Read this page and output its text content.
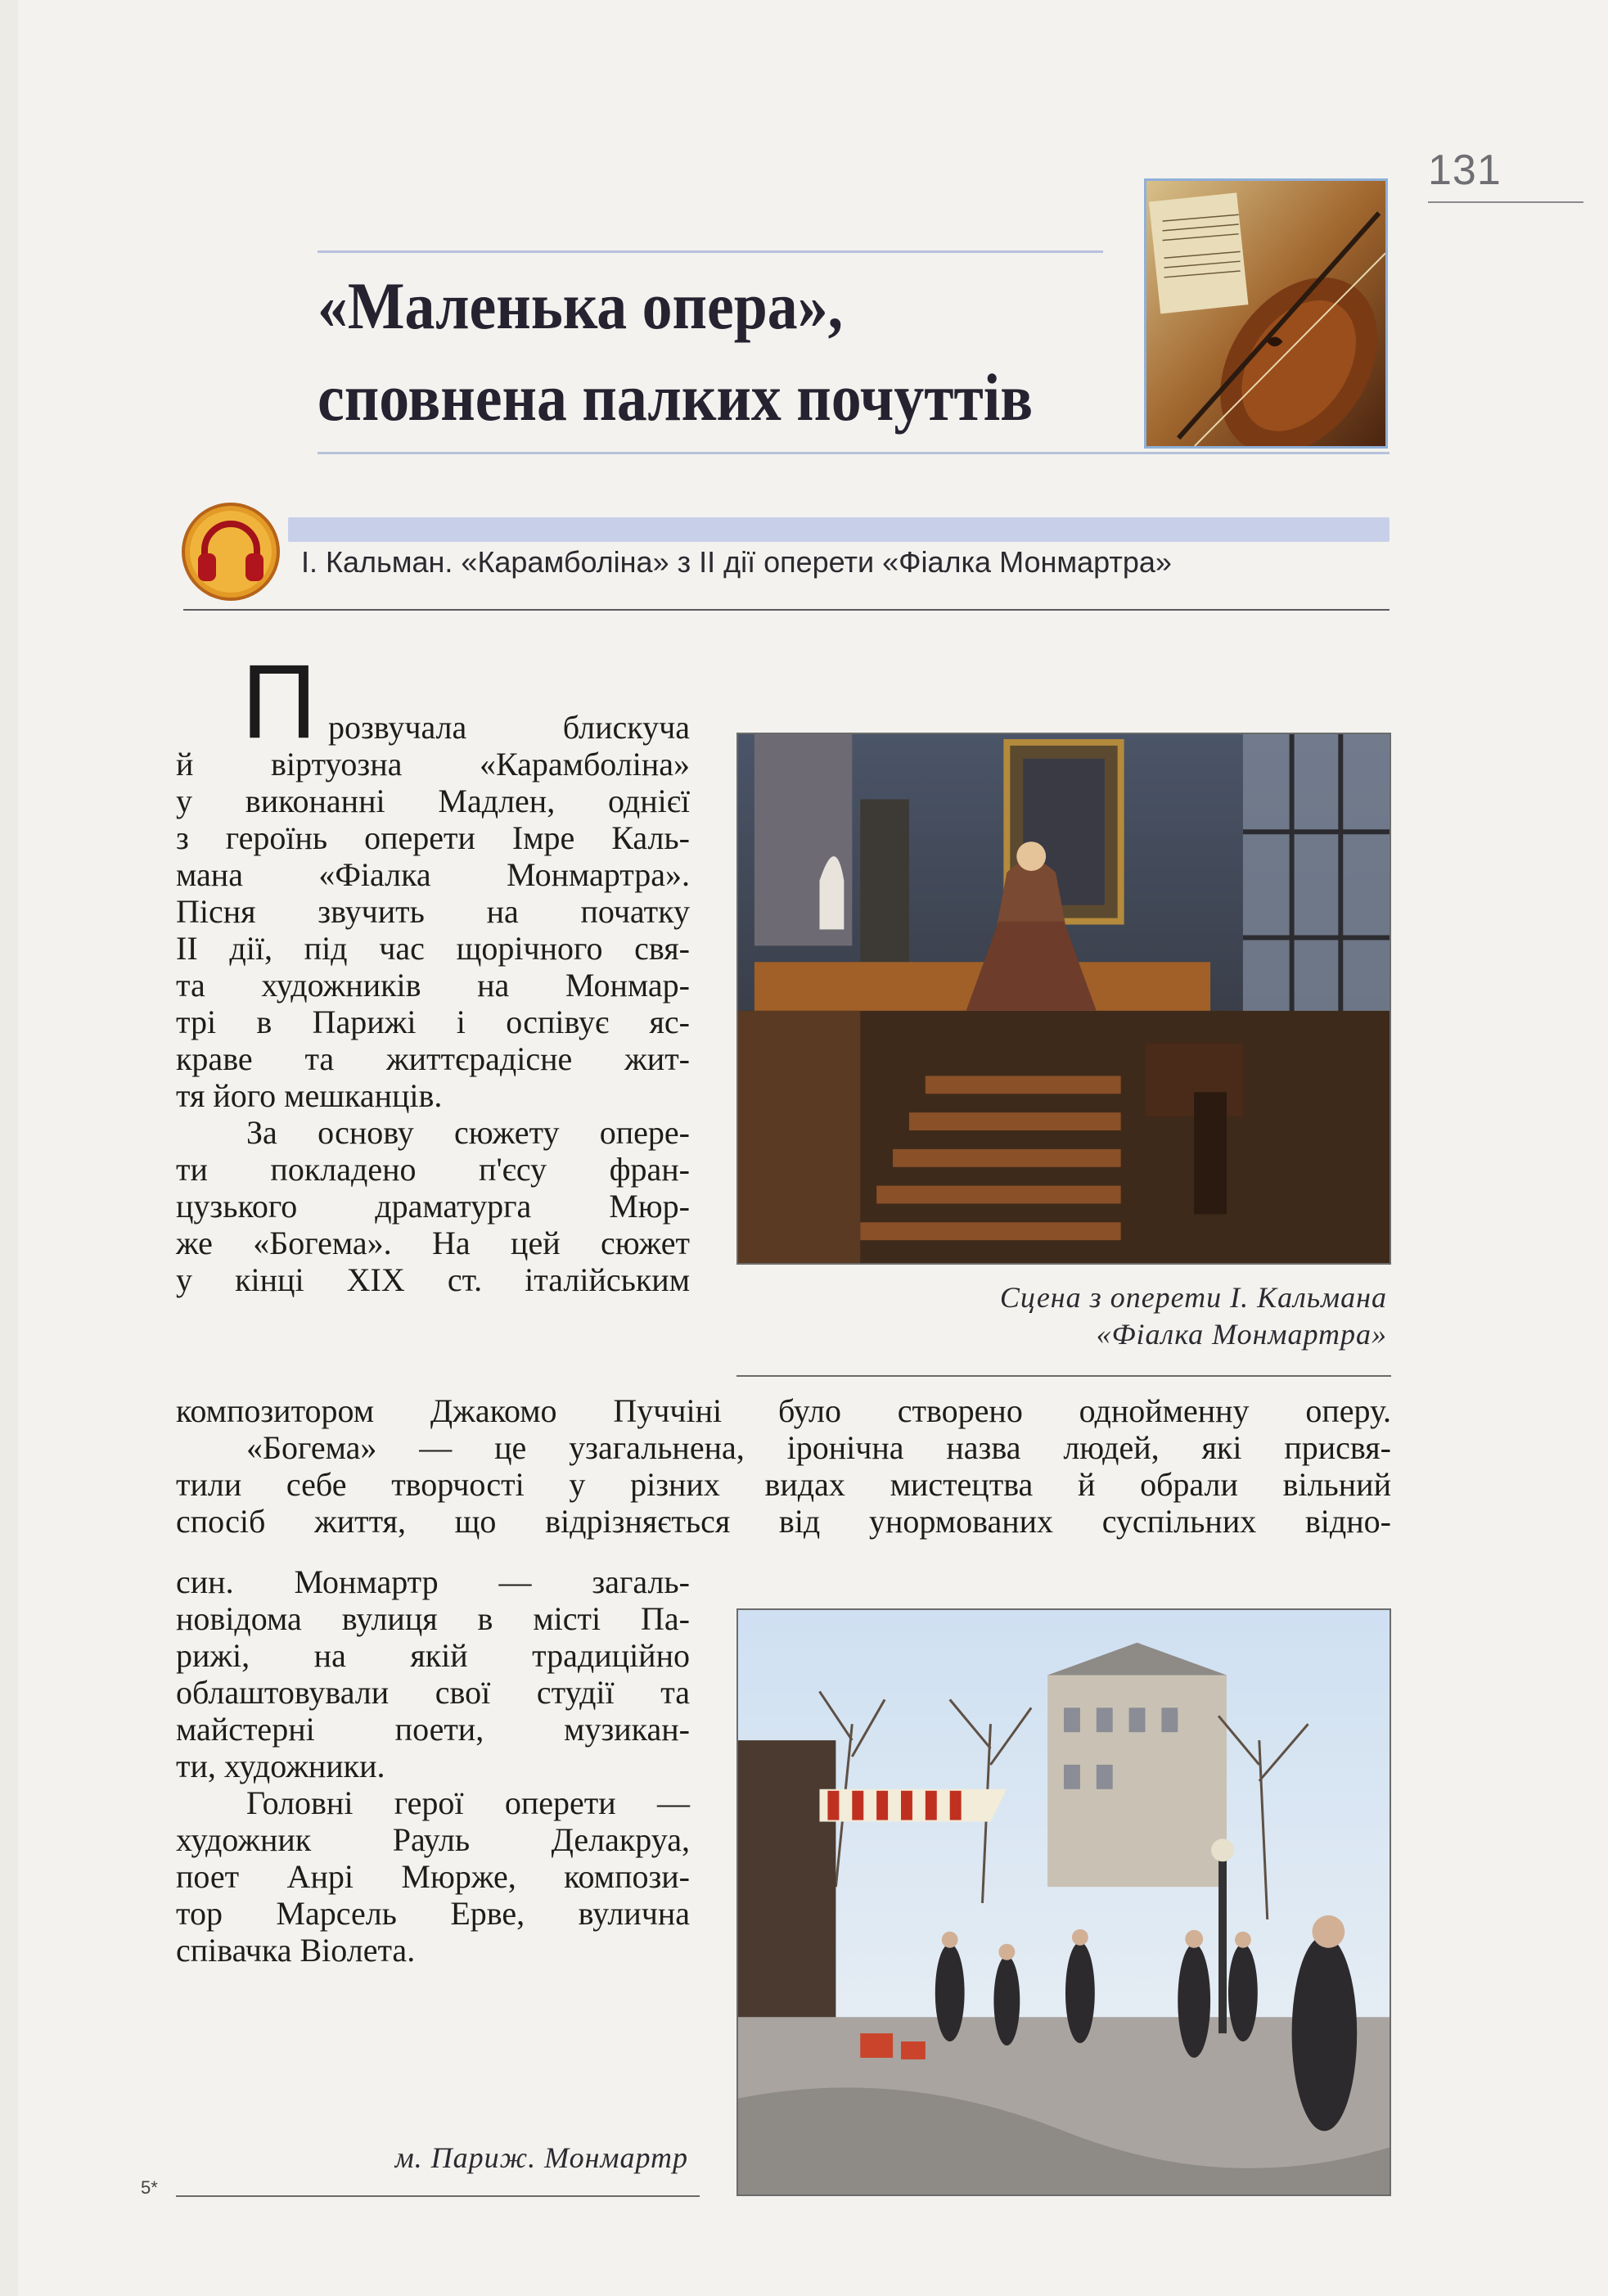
131
«Маленька опера»,
сповнена палких почуттів
І. Кальман. «Карамболіна» з ІІ дії оперети «Фіалка Монмартра»
П розвучала блискуча

й віртуозна «Карамболіна»

у виконанні Мадлен, однієї

з героїнь оперети Імре Каль-

мана «Фіалка Монмартра».

Пісня звучить на початку

ІІ дії, під час щорічного свя-

та художників на Монмар-

трі в Парижі і оспівує яс-

краве та життєрадісне жит-

тя його мешканців.

За основу сюжету опере-

ти покладено п'єсу фран-

цузького драматурга Мюр-

же «Богема». На цей сюжет

у кінці XIX ст. італійським	Сцена з оперети І. Кальмана
«Фіалка Монмартра»

композитором Джакомо Пуччіні було створено однойменну оперу.

«Богема» — це узагальнена, іронічна назва людей, які присвя-

тили себе творчості у різних видах мистецтва й обрали вільний

спосіб життя, що відрізняється від унормованих суспільних відно-

син. Монмартр — загаль-

новідома вулиця в місті Па-

рижі, на якій традиційно

облаштовували свої студії та

майстерні поети, музикан-

ти, художники.

Головні герої оперети —

художник Рауль Делакруа,

поет Анрі Мюрже, компози-

тор Марсель Ерве, вулична

співачка Віолета.

м. Париж. Монмартр
5*
